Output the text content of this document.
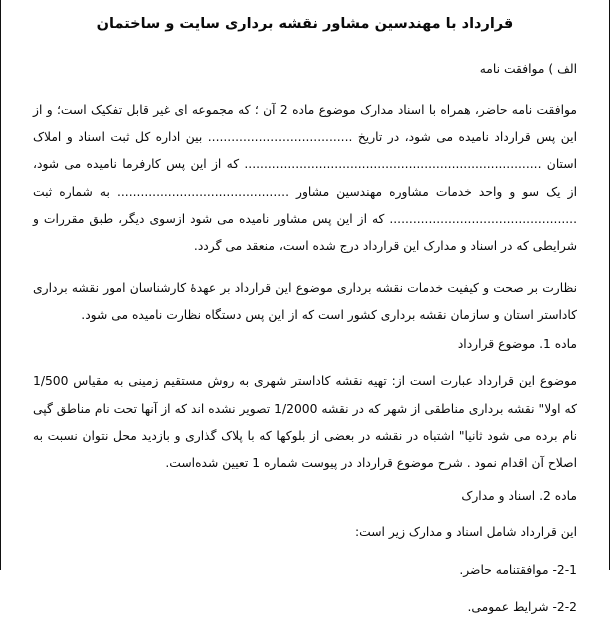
قرارداد با مهندسین مشاور نقشه برداری سایت و ساختمان

الف ) موافقت نامه

موافقت نامه حاضر، همراه با اسناد مدارک موضوع ماده 2 آن ؛ که مجموعه ای غیر قابل تفکیک است؛ و از این پس قرارداد نامیده می شود، در تاریخ ..................................... بین اداره کل ثبت اسناد و املاک استان ............................................................................ که از این پس کارفرما نامیده می شود، از یک سو و واحد خدمات مشاوره مهندسین مشاور ............................................ به شماره ثبت ................................................ که از این پس مشاور نامیده می شود ازسوی دیگر، طبق مقررات و شرایطی که در اسناد و مدارک این قرارداد درج شده است، منعقد می گردد.

نظارت بر صحت و کیفیت خدمات نقشه برداری موضوع این قرارداد بر عهدهٔ کارشناسان امور نقشه برداری کاداستر استان و سازمان نقشه برداری کشور است که از این پس دستگاه نظارت نامیده می شود.

ماده 1. موضوع قرارداد

موضوع این قرارداد عبارت است از: تهیه نقشه کاداستر شهری به روش مستقیم زمینی به مقیاس 1/500 که اولا" نقشه برداری مناطقی از شهر که در نقشه 1/2000 تصویر نشده اند که از آنها تحت نام مناطق گپی نام برده می شود ثانیا" اشتباه در نقشه در بعضی از بلوکها که با پلاک گذاری و بازدید محل نتوان نسبت به اصلاح آن اقدام نمود . شرح موضوع قرارداد در پیوست شماره 1 تعیین شده‌است.

ماده 2. اسناد و مدارک

این قرارداد شامل اسناد و مدارک زیر است:

2-1- موافقتنامه حاضر.

2-2- شرایط عمومی.
